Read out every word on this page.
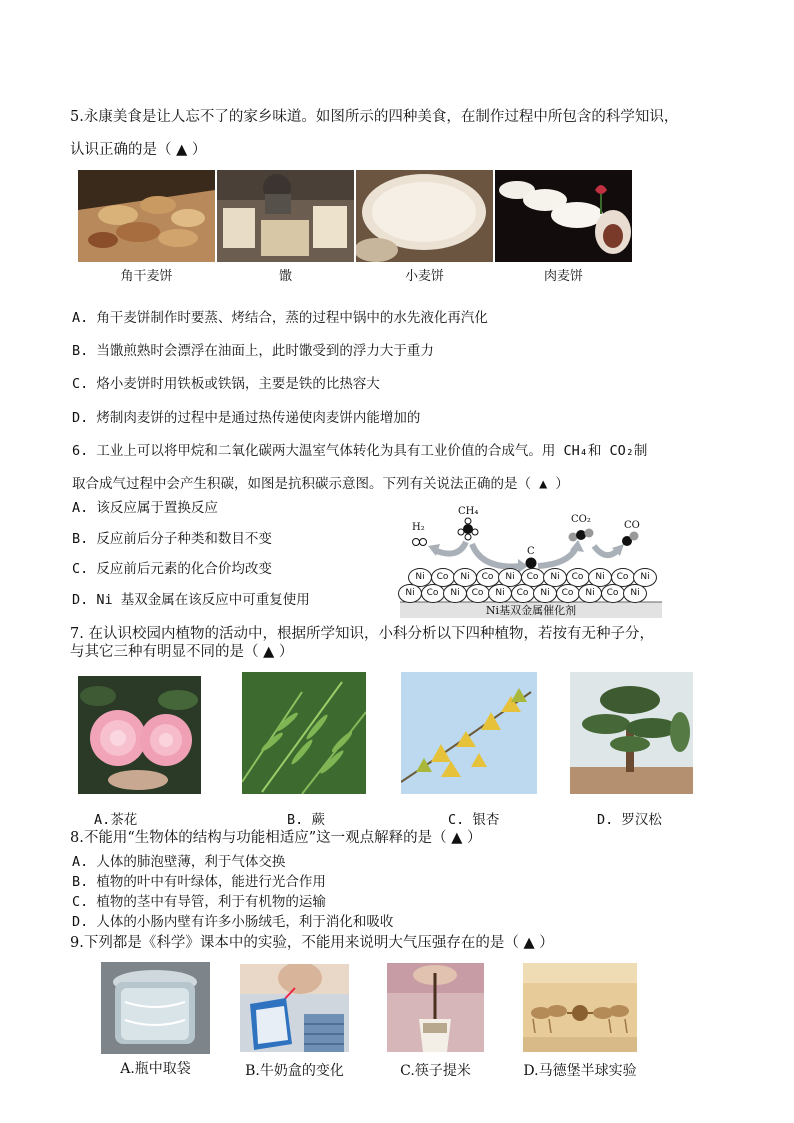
5.永康美食是让人忘不了的家乡味道。如图所示的四种美食，在制作过程中所包含的科学知识，
认识正确的是（ ▲ ）
角干麦饼	馓	小麦饼	肉麦饼
A. 角干麦饼制作时要蒸、烤结合，蒸的过程中锅中的水先液化再汽化
B. 当馓煎熟时会漂浮在油面上，此时馓受到的浮力大于重力
C. 烙小麦饼时用铁板或铁锅，主要是铁的比热容大
D. 烤制肉麦饼的过程中是通过热传递使肉麦饼内能增加的
6. 工业上可以将甲烷和二氧化碳两大温室气体转化为具有工业价值的合成气。用 CH₄和 CO₂制
取合成气过程中会产生积碳，如图是抗积碳示意图。下列有关说法正确的是（ ▲ ）
A. 该反应属于置换反应
B. 反应前后分子种类和数目不变
C. 反应前后元素的化合价均改变
D. Ni 基双金属在该反应中可重复使用
H₂
CH₄
C
CO₂
CO
Ni	Co	Ni	Co	Ni	Co	Ni	Co	Ni	Co	Ni
Ni	Co	Ni	Co	Ni	Co	Ni	Co	Ni	Co	Ni
Ni基双金属催化剂
7. 在认识校园内植物的活动中，根据所学知识，小科分析以下四种植物，若按有无种子分，
与其它三种有明显不同的是（ ▲ ）
A.茶花	B. 蕨	C. 银杏	D. 罗汉松
8.不能用“生物体的结构与功能相适应”这一观点解释的是（ ▲ ）
A. 人体的肺泡壁薄，利于气体交换
B. 植物的叶中有叶绿体，能进行光合作用
C. 植物的茎中有导管，利于有机物的运输
D. 人体的小肠内壁有许多小肠绒毛，利于消化和吸收
9.下列都是《科学》课本中的实验，不能用来说明大气压强存在的是（ ▲ ）
A.瓶中取袋	B.牛奶盒的变化	C.筷子提米	D.马德堡半球实验
